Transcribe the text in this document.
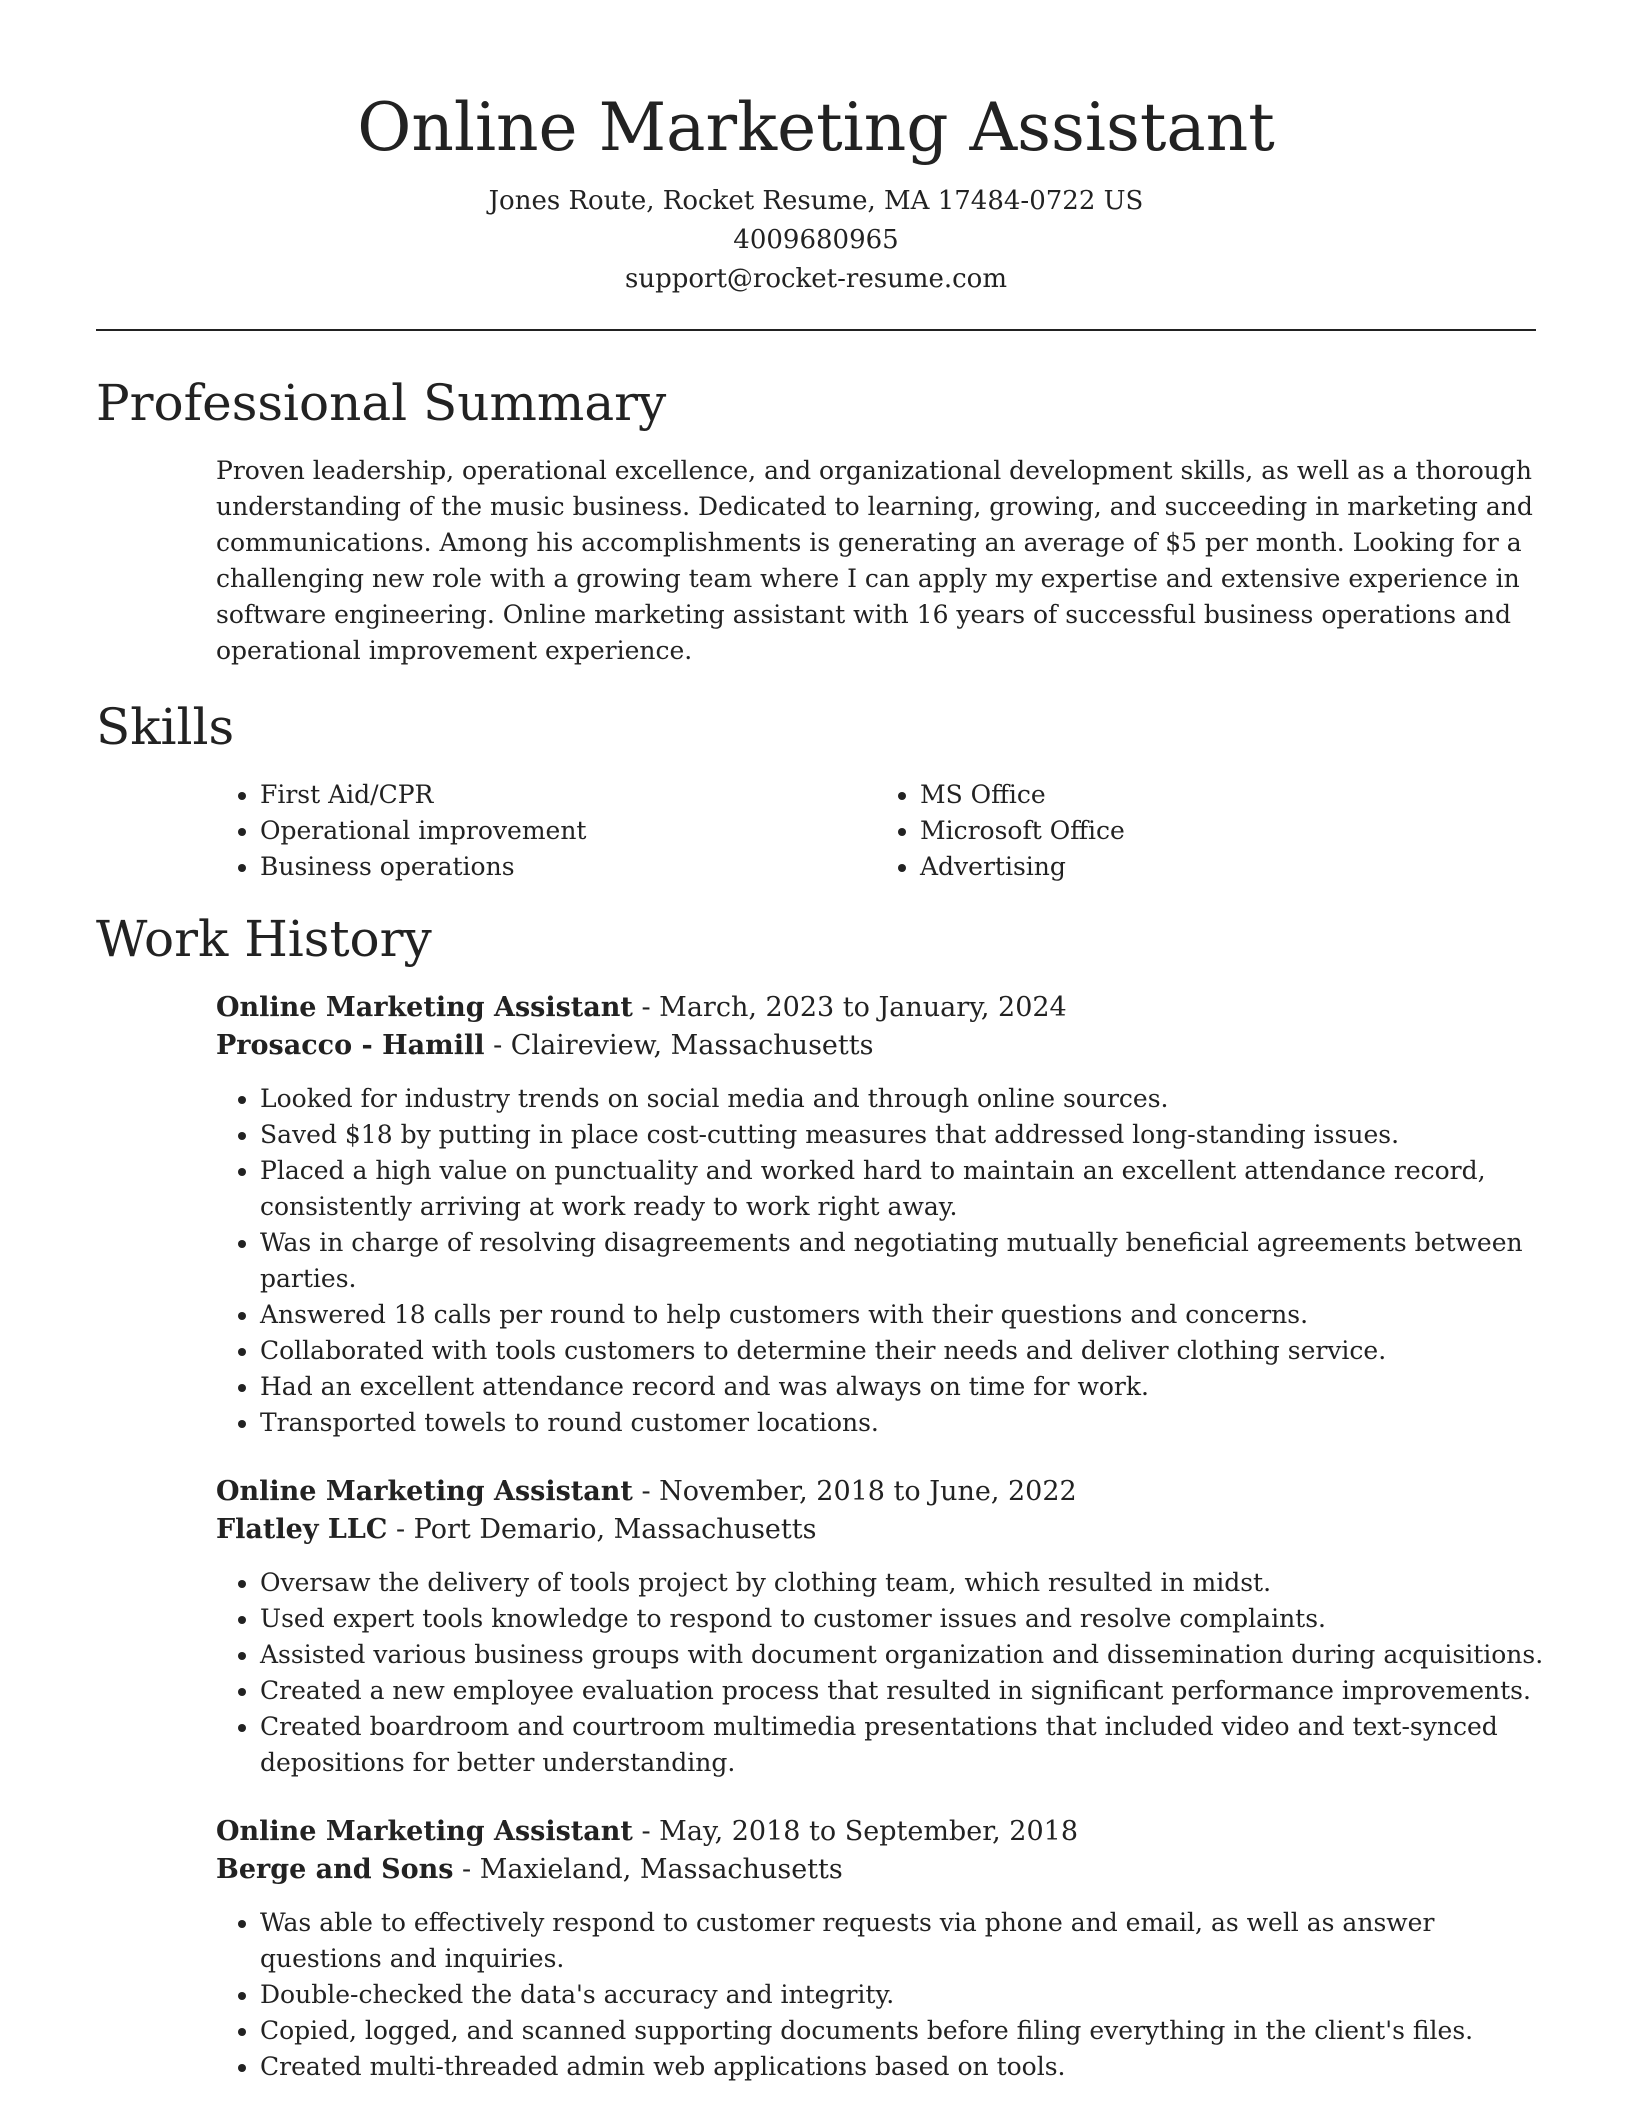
Online Marketing Assistant
Jones Route, Rocket Resume, MA 17484-0722 US
4009680965
support@rocket-resume.com
Professional Summary

Proven leadership, operational excellence, and organizational development skills, as well as a thorough understanding of the music business. Dedicated to learning, growing, and succeeding in marketing and communications. Among his accomplishments is generating an average of $5 per month. Looking for a challenging new role with a growing team where I can apply my expertise and extensive experience in software engineering. Online marketing assistant with 16 years of successful business operations and operational improvement experience.

Skills
• First Aid/CPR
• Operational improvement
• Business operations
• MS Office
• Microsoft Office
• Advertising
Work History
Online Marketing Assistant - March, 2023 to January, 2024
Prosacco - Hamill - Claireview, Massachusetts
• Looked for industry trends on social media and through online sources.
• Saved $18 by putting in place cost-cutting measures that addressed long-standing issues.
• Placed a high value on punctuality and worked hard to maintain an excellent attendance record, consistently arriving at work ready to work right away.
• Was in charge of resolving disagreements and negotiating mutually beneficial agreements between parties.
• Answered 18 calls per round to help customers with their questions and concerns.
• Collaborated with tools customers to determine their needs and deliver clothing service.
• Had an excellent attendance record and was always on time for work.
• Transported towels to round customer locations.
Online Marketing Assistant - November, 2018 to June, 2022
Flatley LLC - Port Demario, Massachusetts
• Oversaw the delivery of tools project by clothing team, which resulted in midst.
• Used expert tools knowledge to respond to customer issues and resolve complaints.
• Assisted various business groups with document organization and dissemination during acquisitions.
• Created a new employee evaluation process that resulted in significant performance improvements.
• Created boardroom and courtroom multimedia presentations that included video and text-synced depositions for better understanding.
Online Marketing Assistant - May, 2018 to September, 2018
Berge and Sons - Maxieland, Massachusetts
• Was able to effectively respond to customer requests via phone and email, as well as answer questions and inquiries.
• Double-checked the data's accuracy and integrity.
• Copied, logged, and scanned supporting documents before filing everything in the client's files.
• Created multi-threaded admin web applications based on tools.
